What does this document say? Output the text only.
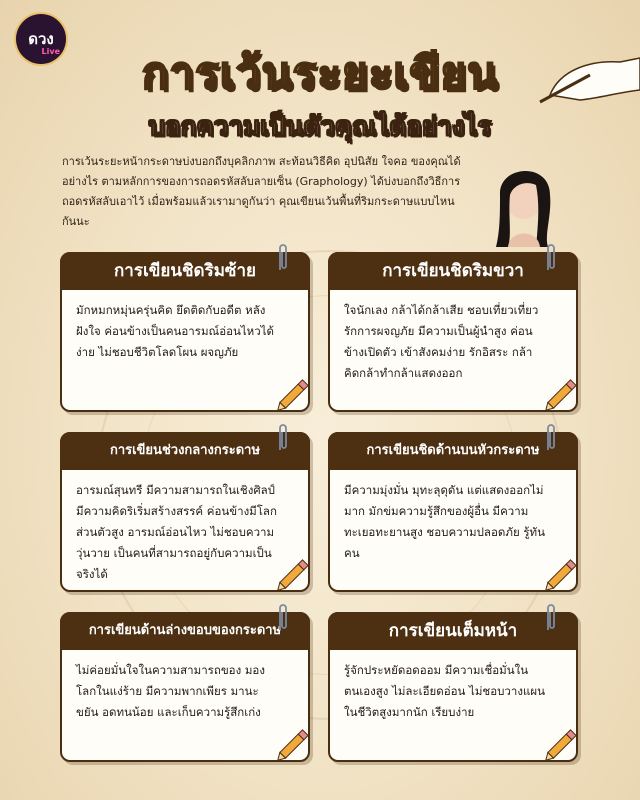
ดวง
Live	การเว้นระยะเขียน
บอกความเป็นตัวคุณได้อย่างไร
การเว้นระยะหน้ากระดาษบ่งบอกถึงบุคลิกภาพ สะท้อนวิธีคิด อุปนิสัย ใจคอ ของคุณได้อย่างไร ตามหลักการของการถอดรหัสลับลายเซ็น (Graphology) ได้บ่งบอกถึงวิธีการถอดรหัสลับเอาไว้ เมื่อพร้อมแล้วเรามาดูกันว่า คุณเขียนเว้นพื้นที่ริมกระดาษแบบไหนกันนะ
การเขียนชิดริมซ้าย
มักหมกหมุ่นครุ่นคิด ยึดติดกับอดีต หลังฝังใจ ค่อนข้างเป็นคนอารมณ์อ่อนไหวได้ง่าย ไม่ชอบชีวิตโลดโผน ผจญภัย
การเขียนชิดริมขวา
ใจนักเลง กล้าได้กล้าเสีย ชอบเที่ยวเที่ยว รักการผจญภัย มีความเป็นผู้นำสูง ค่อนข้างเปิดตัว เข้าสังคมง่าย รักอิสระ กล้าคิดกล้าทำกล้าแสดงออก
การเขียนช่วงกลางกระดาษ
อารมณ์สุนทรี มีความสามารถในเชิงศิลป์ มีความคิดริเริ่มสร้างสรรค์ ค่อนข้างมีโลกส่วนตัวสูง อารมณ์อ่อนไหว ไม่ชอบความวุ่นวาย เป็นคนที่สามารถอยู่กับความเป็นจริงได้
การเขียนชิดด้านบนหัวกระดาษ
มีความมุ่งมั่น มุทะลุดุดัน แต่แสดงออกไม่มาก มักข่มความรู้สึกของผู้อื่น มีความทะเยอทะยานสูง ชอบความปลอดภัย รู้ทันคน
การเขียนด้านล่างขอบของกระดาษ
ไม่ค่อยมั่นใจในความสามารถของ มองโลกในแง่ร้าย มีความพากเพียร มานะ ขยัน อดทนน้อย และเก็บความรู้สึกเก่ง
การเขียนเต็มหน้า
รู้จักประหยัดอดออม มีความเชื่อมั่นในตนเองสูง ไม่ละเอียดอ่อน ไม่ชอบวางแผนในชีวิตสูงมากนัก เรียบง่าย
